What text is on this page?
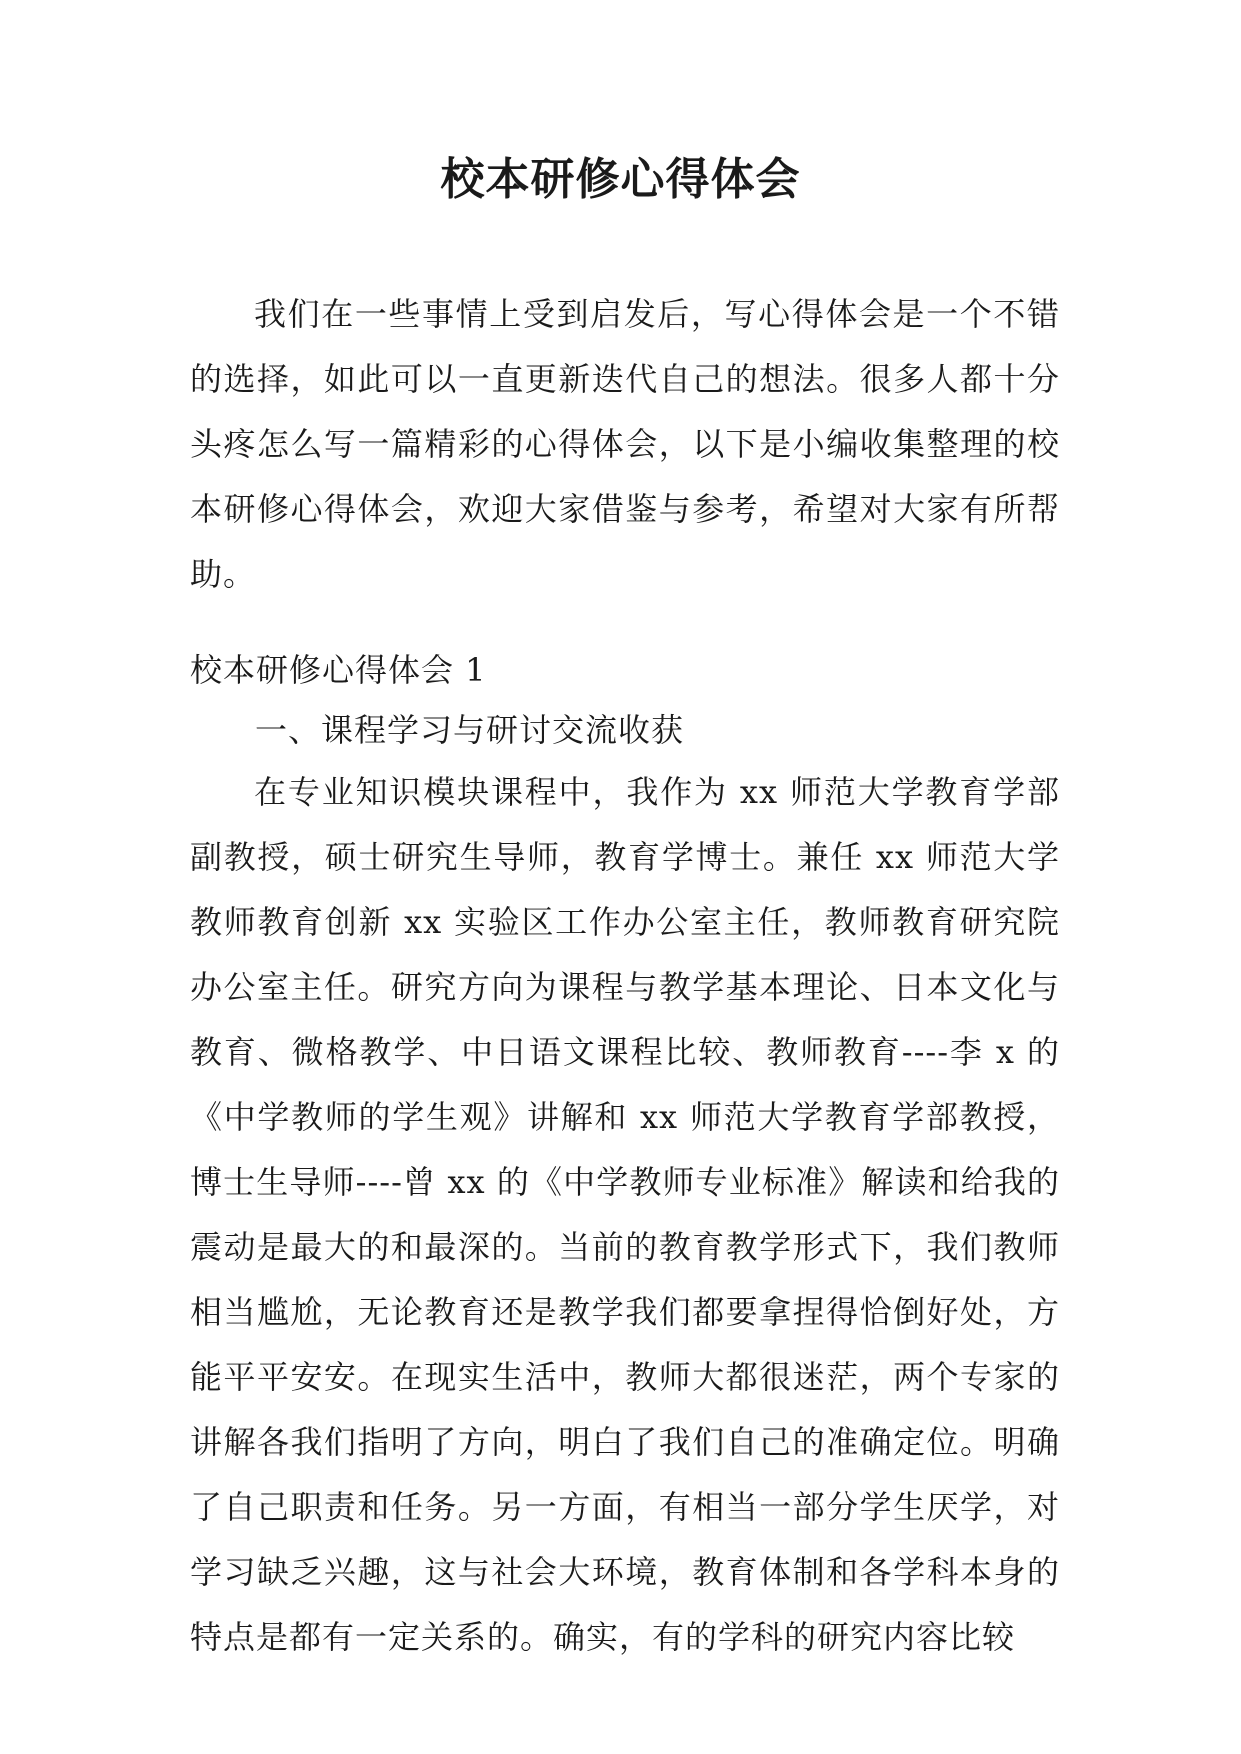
校本研修心得体会

我们在一些事情上受到启发后，写心得体会是一个不错的选择，如此可以一直更新迭代自己的想法。很多人都十分头疼怎么写一篇精彩的心得体会，以下是小编收集整理的校本研修心得体会，欢迎大家借鉴与参考，希望对大家有所帮助。

校本研修心得体会 1
一、课程学习与研讨交流收获

在专业知识模块课程中，我作为 xx 师范大学教育学部副教授，硕士研究生导师，教育学博士。兼任 xx 师范大学教师教育创新 xx 实验区工作办公室主任，教师教育研究院办公室主任。研究方向为课程与教学基本理论、日本文化与教育、微格教学、中日语文课程比较、教师教育----李 x 的《中学教师的学生观》讲解和 xx 师范大学教育学部教授，博士生导师----曾 xx 的《中学教师专业标准》解读和给我的震动是最大的和最深的。当前的教育教学形式下，我们教师相当尴尬，无论教育还是教学我们都要拿捏得恰倒好处，方能平平安安。在现实生活中，教师大都很迷茫，两个专家的讲解各我们指明了方向，明白了我们自己的准确定位。明确了自己职责和任务。另一方面，有相当一部分学生厌学，对学习缺乏兴趣，这与社会大环境，教育体制和各学科本身的特点是都有一定关系的。确实，有的学科的研究内容比较
